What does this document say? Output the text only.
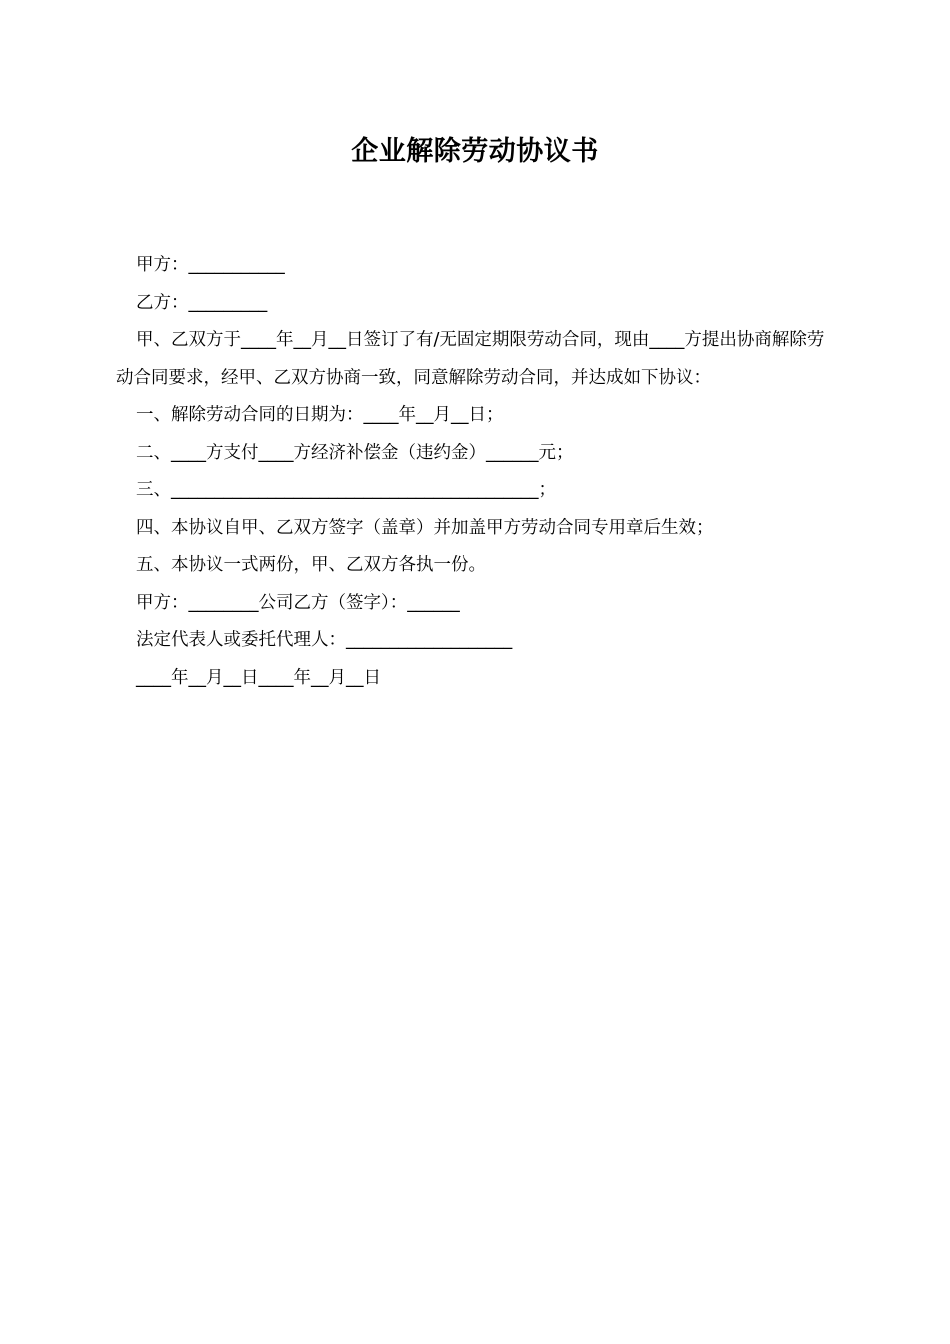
企业解除劳动协议书

甲方：___________

乙方：_________

甲、乙双方于____年__月__日签订了有/无固定期限劳动合同，现由____方提出协商解除劳动合同要求，经甲、乙双方协商一致，同意解除劳动合同，并达成如下协议：

一、解除劳动合同的日期为：____年__月__日；

二、____方支付____方经济补偿金（违约金）______元；

三、__________________________________________；

四、本协议自甲、乙双方签字（盖章）并加盖甲方劳动合同专用章后生效；

五、本协议一式两份，甲、乙双方各执一份。

甲方：________公司乙方（签字）：______

法定代表人或委托代理人：___________________

____年__月__日____年__月__日
